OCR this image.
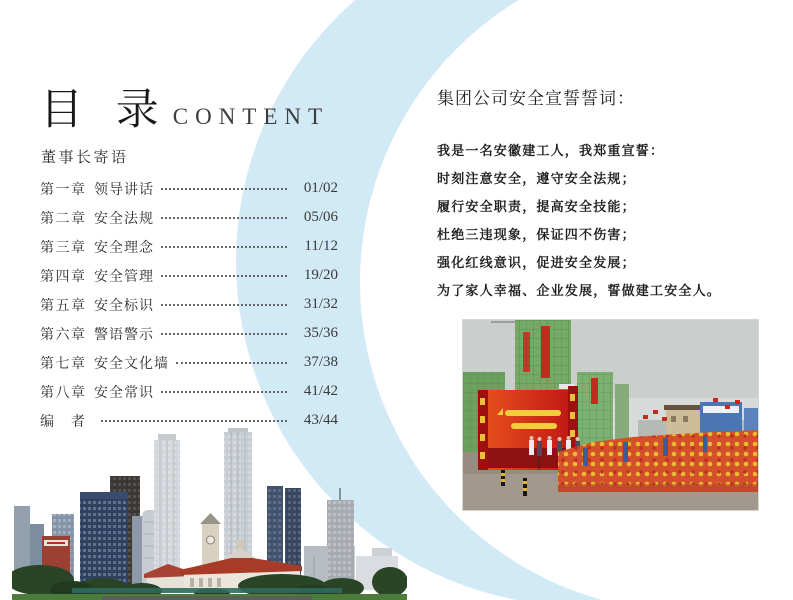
目 录 CONTENT
董事长寄语
第一章 领导讲话	01/02
第二章 安全法规	05/06
第三章 安全理念	11/12
第四章 安全管理	19/20
第五章 安全标识	31/32
第六章 警语警示	35/36
第七章 安全文化墙	37/38
第八章 安全常识	41/42
编　者	43/44
集团公司安全宣誓誓词：

我是一名安徽建工人，我郑重宣誓：

时刻注意安全，遵守安全法规；

履行安全职责，提高安全技能；

杜绝三违现象，保证四不伤害；

强化红线意识，促进安全发展；

为了家人幸福、企业发展，誓做建工安全人。
